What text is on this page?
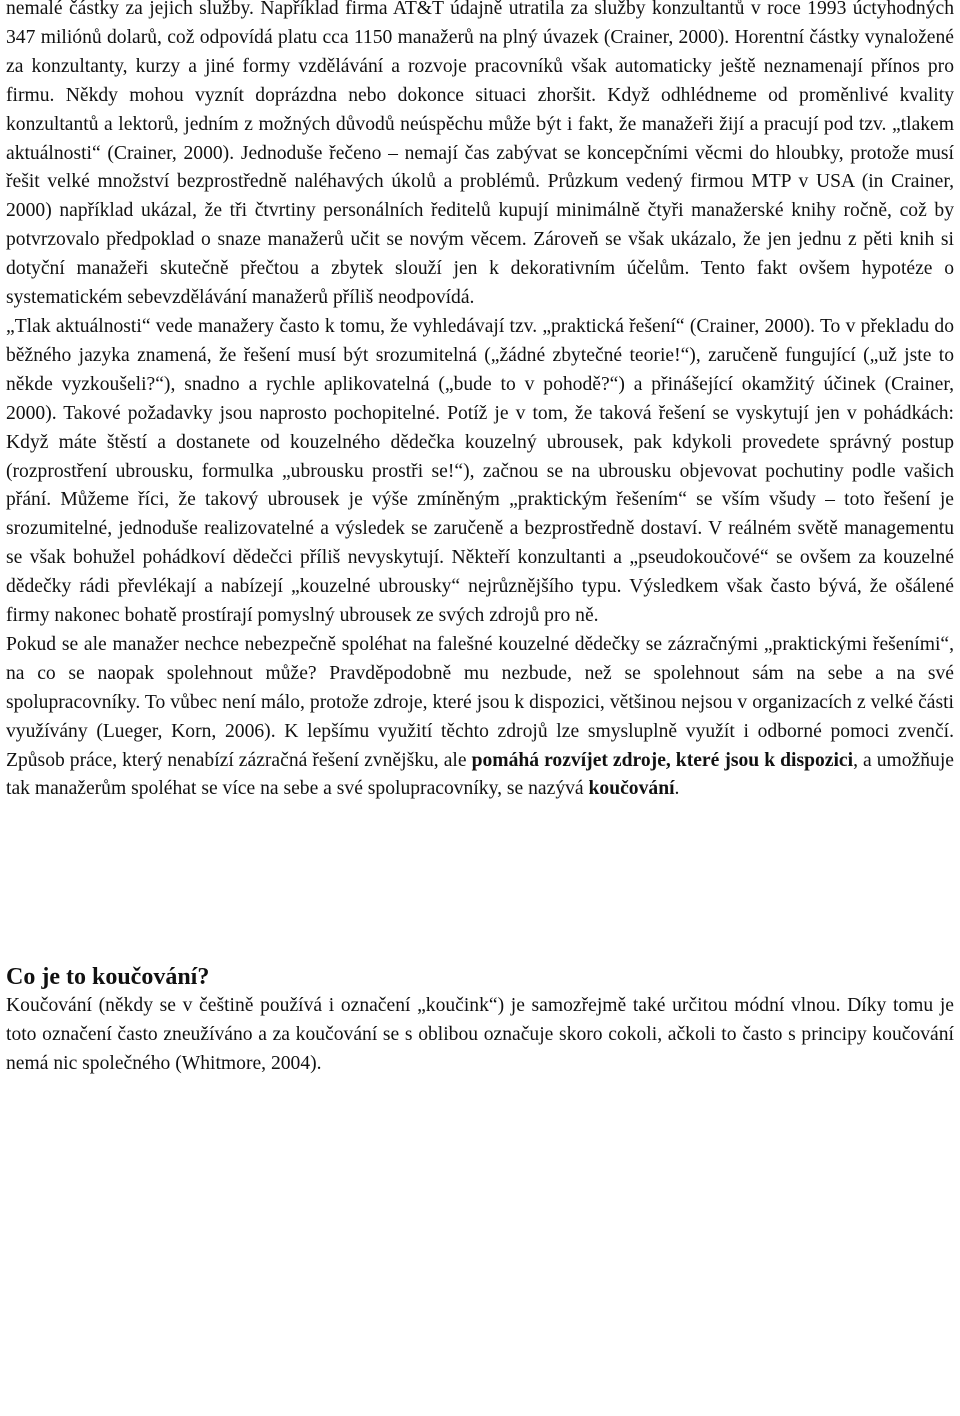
nemalé částky za jejich služby. Například firma AT&T údajně utratila za služby konzultantů v roce 1993 úctyhodných 347 miliónů dolarů, což odpovídá platu cca 1150 manažerů na plný úvazek (Crainer, 2000). Horentní částky vynaložené za konzultanty, kurzy a jiné formy vzdělávání a rozvoje pracovníků však automaticky ještě neznamenají přínos pro firmu. Někdy mohou vyznít doprázdna nebo dokonce situaci zhoršit. Když odhlédneme od proměnlivé kvality konzultantů a lektorů, jedním z možných důvodů neúspěchu může být i fakt, že manažeři žijí a pracují pod tzv. „tlakem aktuálnosti“ (Crainer, 2000). Jednoduše řečeno – nemají čas zabývat se koncepčními věcmi do hloubky, protože musí řešit velké množství bezprostředně naléhavých úkolů a problémů. Průzkum vedený firmou MTP v USA (in Crainer, 2000) například ukázal, že tři čtvrtiny personálních ředitelů kupují minimálně čtyři manažerské knihy ročně, což by potvrzovalo předpoklad o snaze manažerů učit se novým věcem. Zároveň se však ukázalo, že jen jednu z pěti knih si dotyční manažeři skutečně přečtou a zbytek slouží jen k dekorativním účelům. Tento fakt ovšem hypotéze o systematickém sebevzdělávání manažerů příliš neodpovídá.

„Tlak aktuálnosti“ vede manažery často k tomu, že vyhledávají tzv. „praktická řešení“ (Crainer, 2000). To v překladu do běžného jazyka znamená, že řešení musí být srozumitelná („žádné zbytečné teorie!“), zaručeně fungující („už jste to někde vyzkoušeli?“), snadno a rychle aplikovatelná („bude to v pohodě?“) a přinášející okamžitý účinek (Crainer, 2000). Takové požadavky jsou naprosto pochopitelné. Potíž je v tom, že taková řešení se vyskytují jen v pohádkách: Když máte štěstí a dostanete od kouzelného dědečka kouzelný ubrousek, pak kdykoli provedete správný postup (rozprostření ubrousku, formulka „ubrousku prostři se!“), začnou se na ubrousku objevovat pochutiny podle vašich přání. Můžeme říci, že takový ubrousek je výše zmíněným „praktickým řešením“ se vším všudy – toto řešení je srozumitelné, jednoduše realizovatelné a výsledek se zaručeně a bezprostředně dostaví. V reálném světě managementu se však bohužel pohádkoví dědečci příliš nevyskytují. Někteří konzultanti a „pseudokoučové“ se ovšem za kouzelné dědečky rádi převlékají a nabízejí „kouzelné ubrousky“ nejrůznějšího typu. Výsledkem však často bývá, že ošálené firmy nakonec bohatě prostírají pomyslný ubrousek ze svých zdrojů pro ně.

Pokud se ale manažer nechce nebezpečně spoléhat na falešné kouzelné dědečky se zázračnými „praktickými řešeními“, na co se naopak spolehnout může? Pravděpodobně mu nezbude, než se spolehnout sám na sebe a na své spolupracovníky. To vůbec není málo, protože zdroje, které jsou k dispozici, většinou nejsou v organizacích z velké části využívány (Lueger, Korn, 2006). K lepšímu využití těchto zdrojů lze smysluplně využít i odborné pomoci zvenčí. Způsob práce, který nenabízí zázračná řešení zvnějšku, ale pomáhá rozvíjet zdroje, které jsou k dispozici, a umožňuje tak manažerům spoléhat se více na sebe a své spolupracovníky, se nazývá koučování.

Co je to koučování?

Koučování (někdy se v češtině používá i označení „koučink“) je samozřejmě také určitou módní vlnou. Díky tomu je toto označení často zneužíváno a za koučování se s oblibou označuje skoro cokoli, ačkoli to často s principy koučování nemá nic společného (Whitmore, 2004).
